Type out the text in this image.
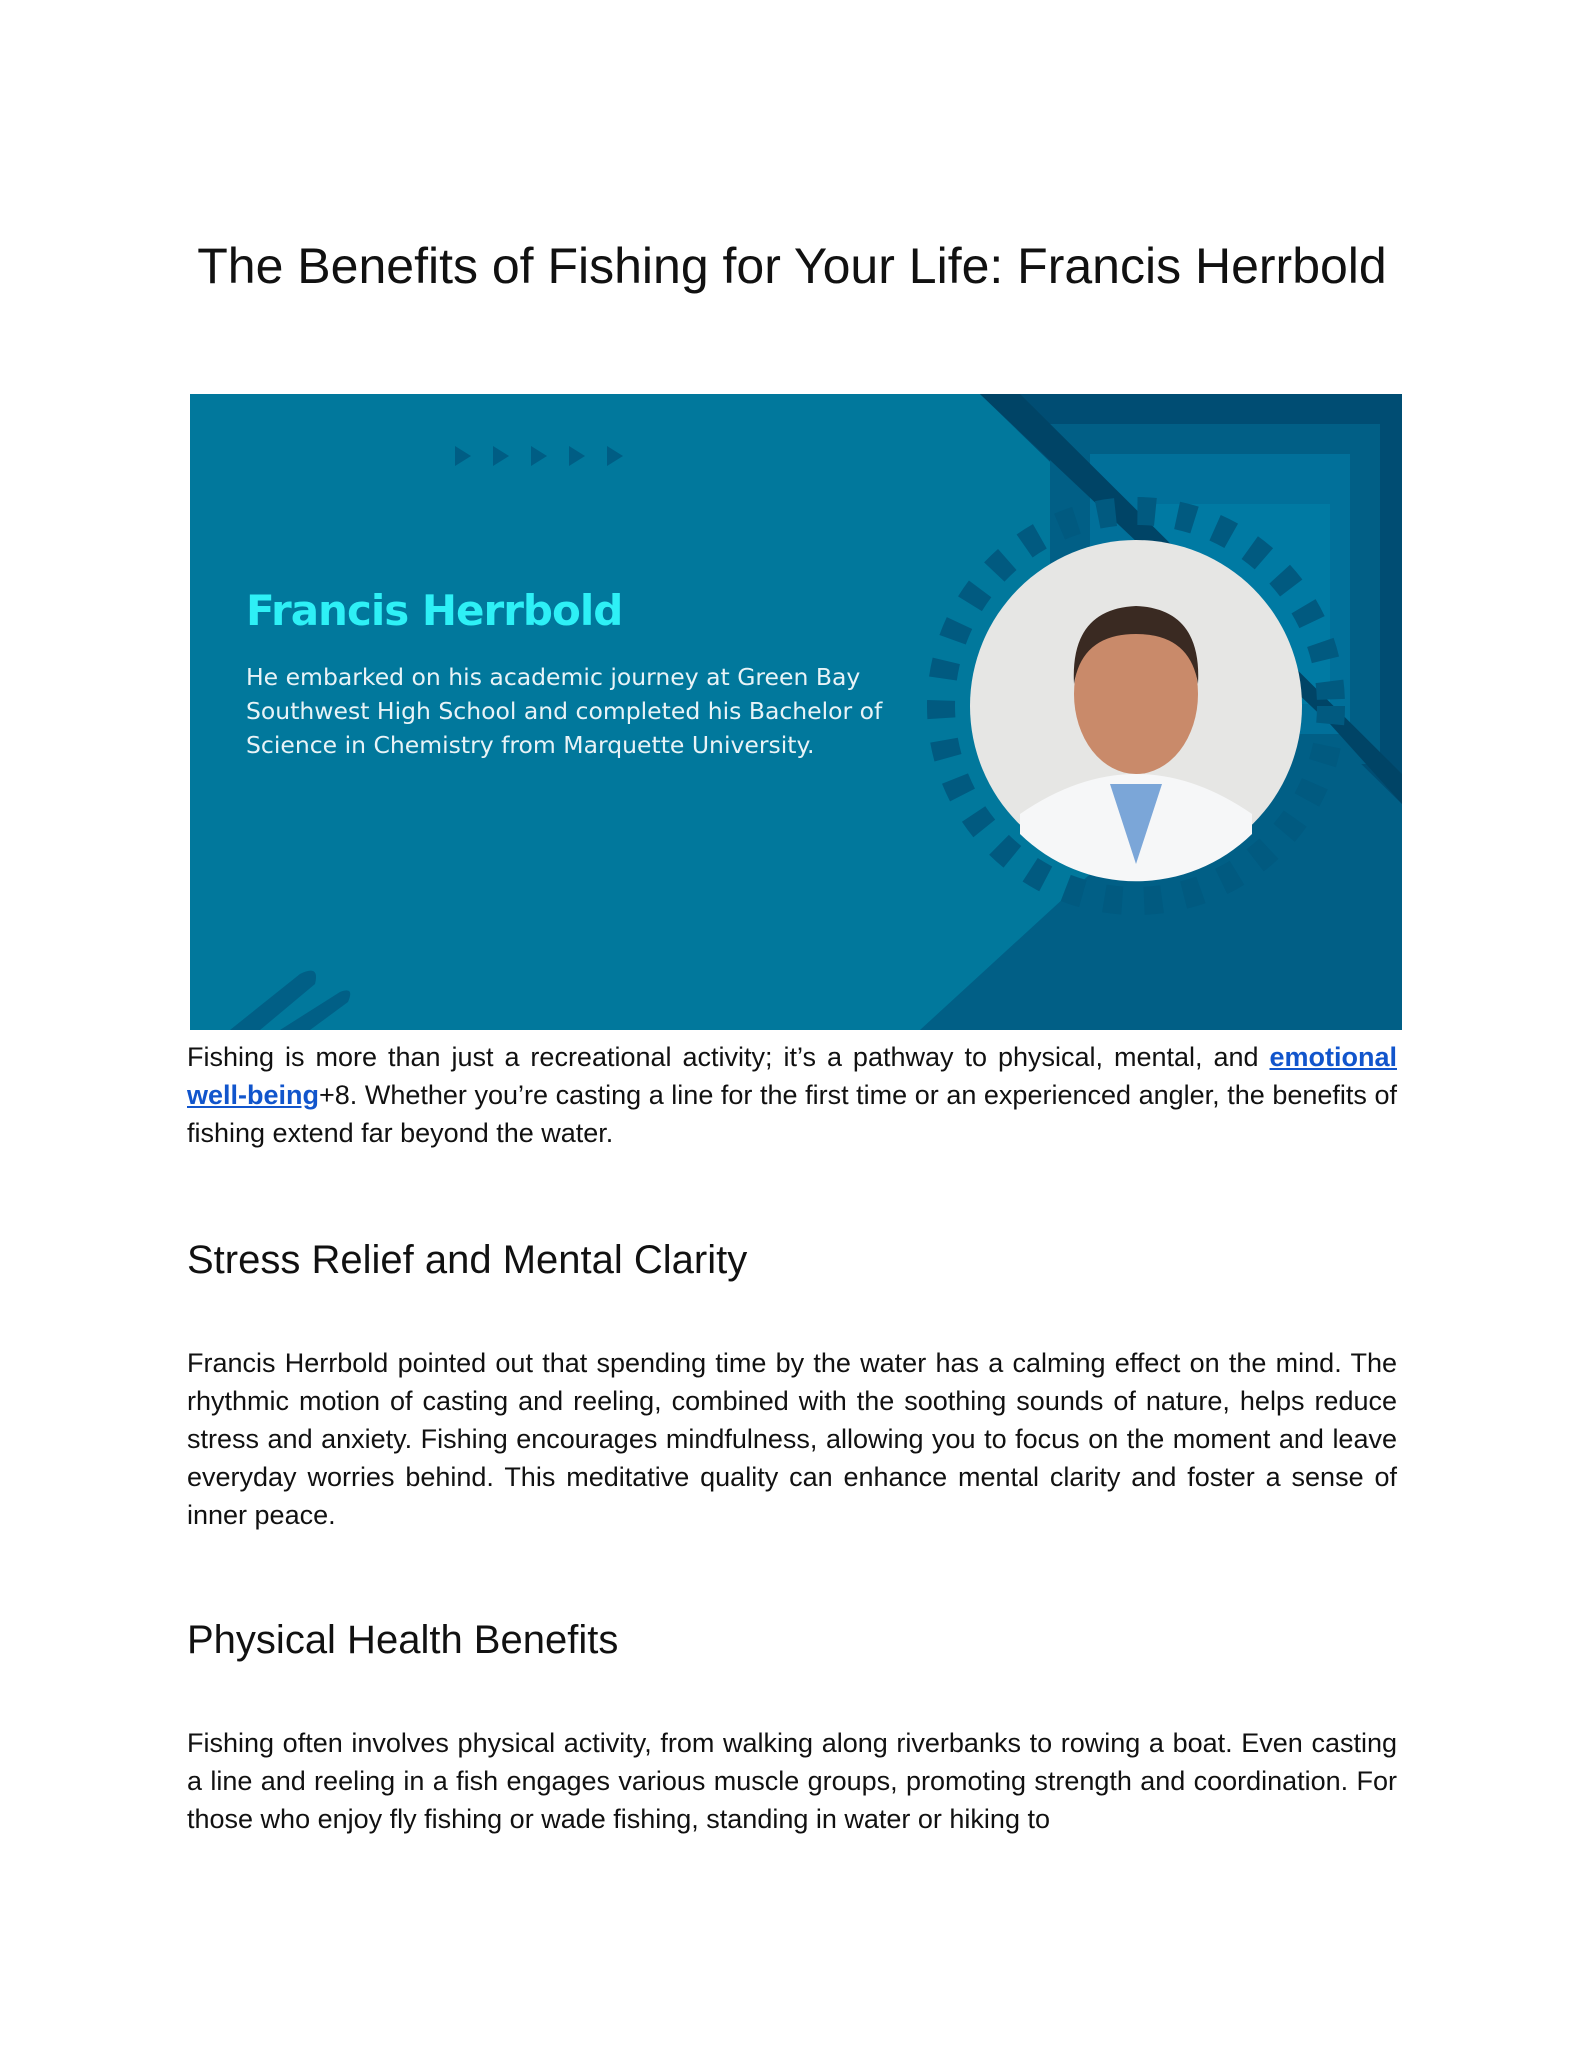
The Benefits of Fishing for Your Life: Francis Herrbold
Francis Herrbold
He embarked on his academic journey at Green Bay Southwest High School and completed his Bachelor of Science in Chemistry from Marquette University.

Fishing is more than just a recreational activity; it’s a pathway to physical, mental, and emotional well-being+8. Whether you’re casting a line for the first time or an experienced angler, the benefits of fishing extend far beyond the water.

Stress Relief and Mental Clarity

Francis Herrbold pointed out that spending time by the water has a calming effect on the mind. The rhythmic motion of casting and reeling, combined with the soothing sounds of nature, helps reduce stress and anxiety. Fishing encourages mindfulness, allowing you to focus on the moment and leave everyday worries behind. This meditative quality can enhance mental clarity and foster a sense of inner peace.

Physical Health Benefits

Fishing often involves physical activity, from walking along riverbanks to rowing a boat. Even casting a line and reeling in a fish engages various muscle groups, promoting strength and coordination. For those who enjoy fly fishing or wade fishing, standing in water or hiking to
